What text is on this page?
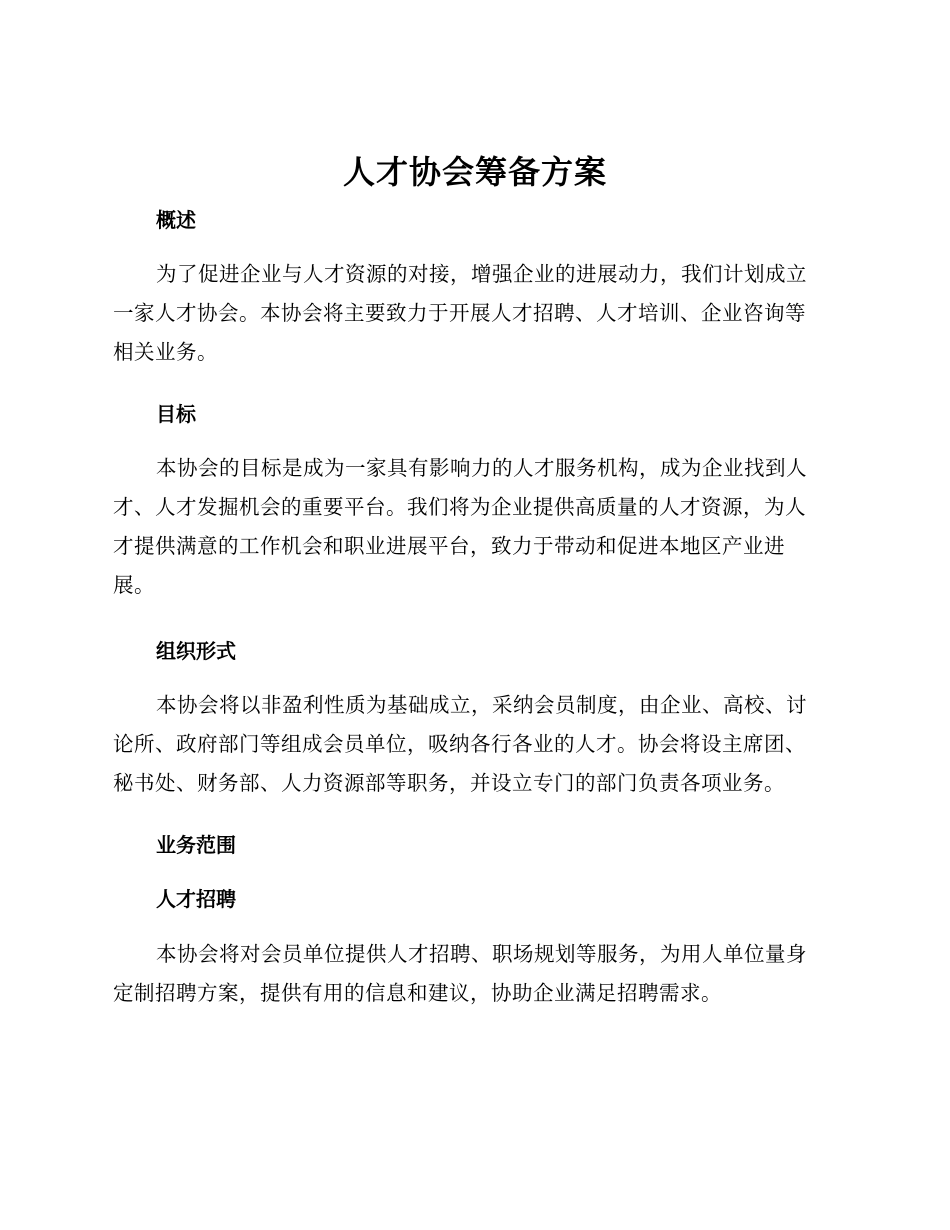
人才协会筹备方案
概述
为了促进企业与人才资源的对接，增强企业的进展动力，我们计划成立
一家人才协会。本协会将主要致力于开展人才招聘、人才培训、企业咨询等
相关业务。
目标
本协会的目标是成为一家具有影响力的人才服务机构，成为企业找到人
才、人才发掘机会的重要平台。我们将为企业提供高质量的人才资源，为人
才提供满意的工作机会和职业进展平台，致力于带动和促进本地区产业进
展。
组织形式
本协会将以非盈利性质为基础成立，采纳会员制度，由企业、高校、讨
论所、政府部门等组成会员单位，吸纳各行各业的人才。协会将设主席团、
秘书处、财务部、人力资源部等职务，并设立专门的部门负责各项业务。
业务范围
人才招聘
本协会将对会员单位提供人才招聘、职场规划等服务，为用人单位量身
定制招聘方案，提供有用的信息和建议，协助企业满足招聘需求。
